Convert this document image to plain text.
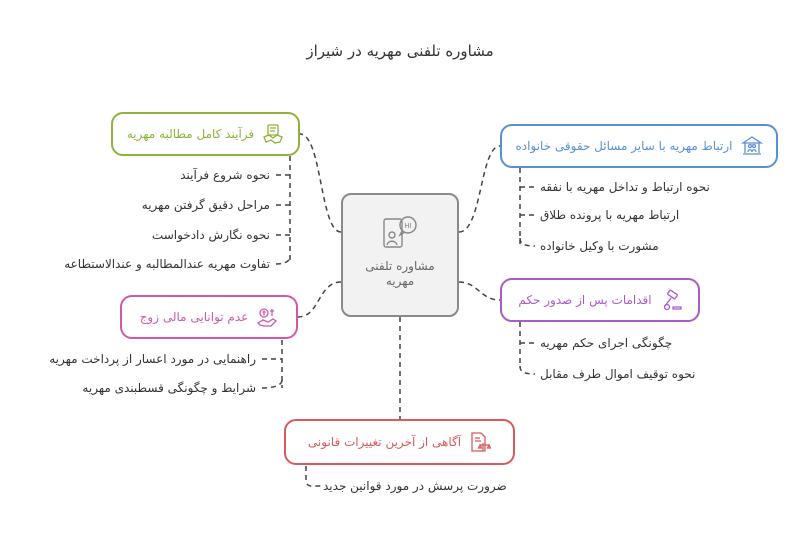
مشاوره تلفنی مهریه در شیراز
HI
مشاوره تلفنی
مهریه
فرآیند کامل مطالبه مهریه
نحوه شروع فرآیند
مراحل دقیق گرفتن مهریه
نحوه نگارش دادخواست
تفاوت مهریه عندالمطالبه و عندالاستطاعه
عدم توانایی مالی زوج
راهنمایی در مورد اعسار از پرداخت مهریه
شرایط و چگونگی قسطبندی مهریه
آگاهی از آخرین تغییرات قانونی
ضرورت پرسش در مورد قوانین جدید
ارتباط مهریه با سایر مسائل حقوقی خانواده
نحوه ارتباط و تداخل مهریه با نفقه
ارتباط مهریه با پرونده طلاق
مشورت با وکیل خانواده
اقدامات پس از صدور حکم
چگونگی اجرای حکم مهریه
نحوه توقیف اموال طرف مقابل
